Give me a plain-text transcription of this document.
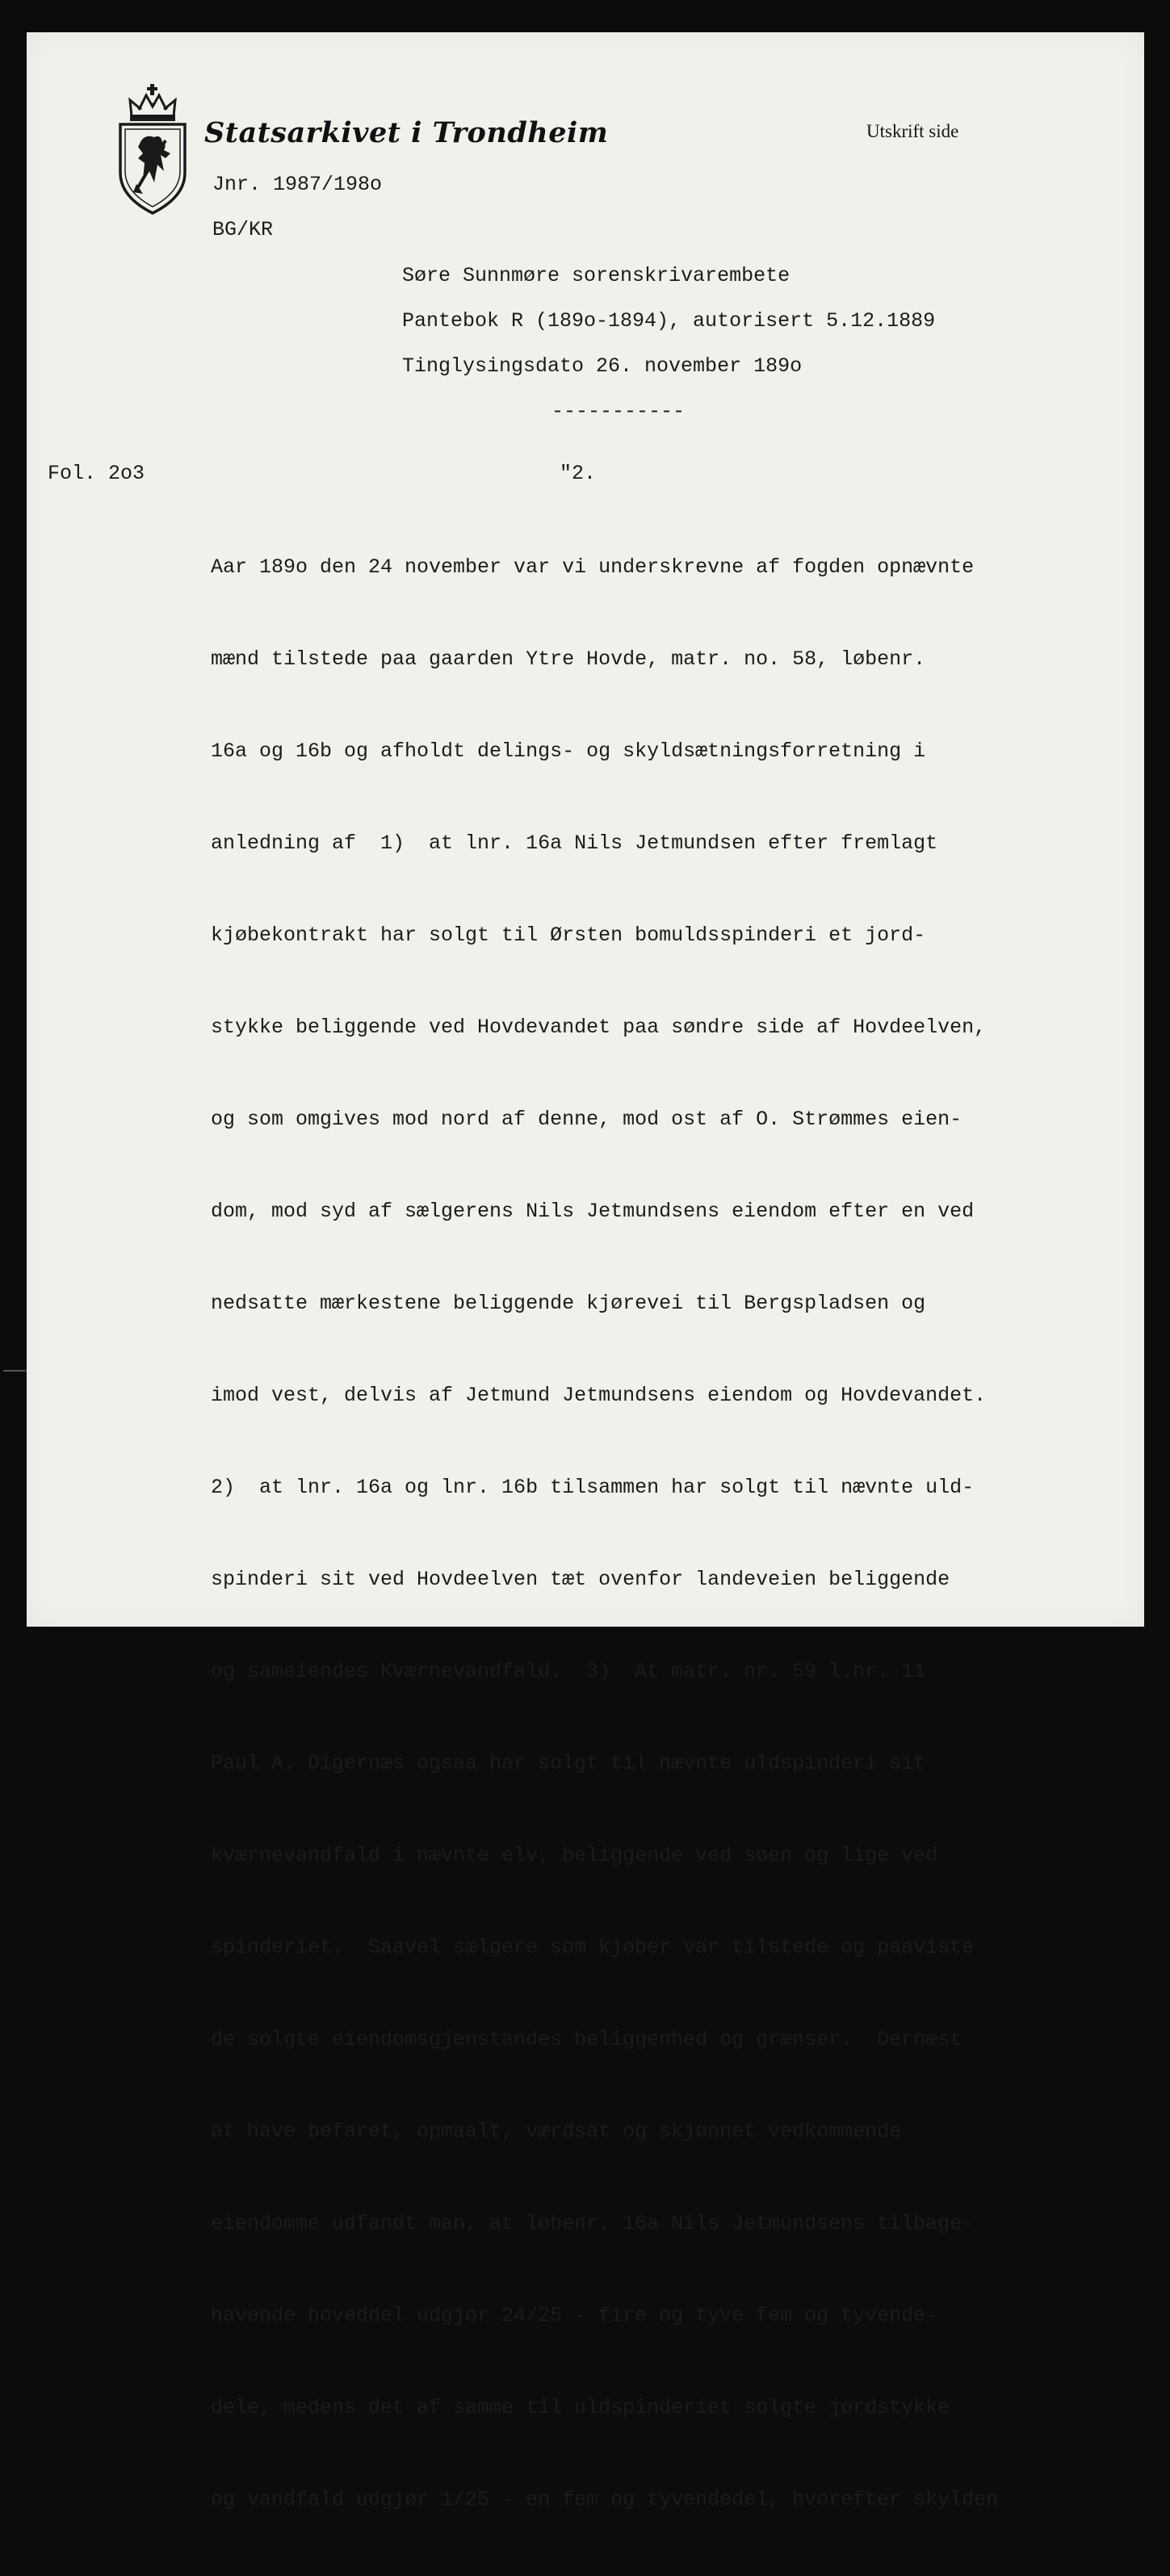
Statsarkivet i Trondheim	Utskrift side
Jnr. 1987/198o
BG/KR
Søre Sunnmøre sorenskrivarembete
Pantebok R (189o-1894), autorisert 5.12.1889
Tinglysingsdato 26. november 189o
-----------
Fol. 2o3	"2.

Aar 189o den 24 november var vi underskrevne af fogden opnævnte

mænd tilstede paa gaarden Ytre Hovde, matr. no. 58, løbenr.

16a og 16b og afholdt delings- og skyldsætningsforretning i

anledning af  1)  at lnr. 16a Nils Jetmundsen efter fremlagt

kjøbekontrakt har solgt til Ørsten bomuldsspinderi et jord-

stykke beliggende ved Hovdevandet paa søndre side af Hovdeelven,

og som omgives mod nord af denne, mod ost af O. Strømmes eien-

dom, mod syd af sælgerens Nils Jetmundsens eiendom efter en ved

nedsatte mærkestene beliggende kjørevei til Bergspladsen og

imod vest, delvis af Jetmund Jetmundsens eiendom og Hovdevandet.

2)  at lnr. 16a og lnr. 16b tilsammen har solgt til nævnte uld-

spinderi sit ved Hovdeelven tæt ovenfor landeveien beliggende

og sameiendes Kværnevandfald.  3)  At matr. nr. 59 l.nr. 11

Paul A. Digernæs ogsaa har solgt til nævnte uldspinderi sit

kværnevandfald i nævnte elv, beliggende ved søen og lige ved

spinderiet.  Saavel sælgere som kjøber var tilstede og paaviste

de solgte eiendomsgjenstandes beliggenhed og grænser.  Dernæst

at have befaret, opmaalt, værdsat og skjønnet vedkommende

eiendomme udfandt man, at løbenr. 16a Nils Jetmundsens tilbage-

havende hoveddel udgjør 24/25 - fire og tyve fem og tyvende-

dele, medens det af samme til uldspinderiet solgte jordstykke

og vandfald udgjør 1/25 - en fem og tyvendedel, hvorefter skylden
